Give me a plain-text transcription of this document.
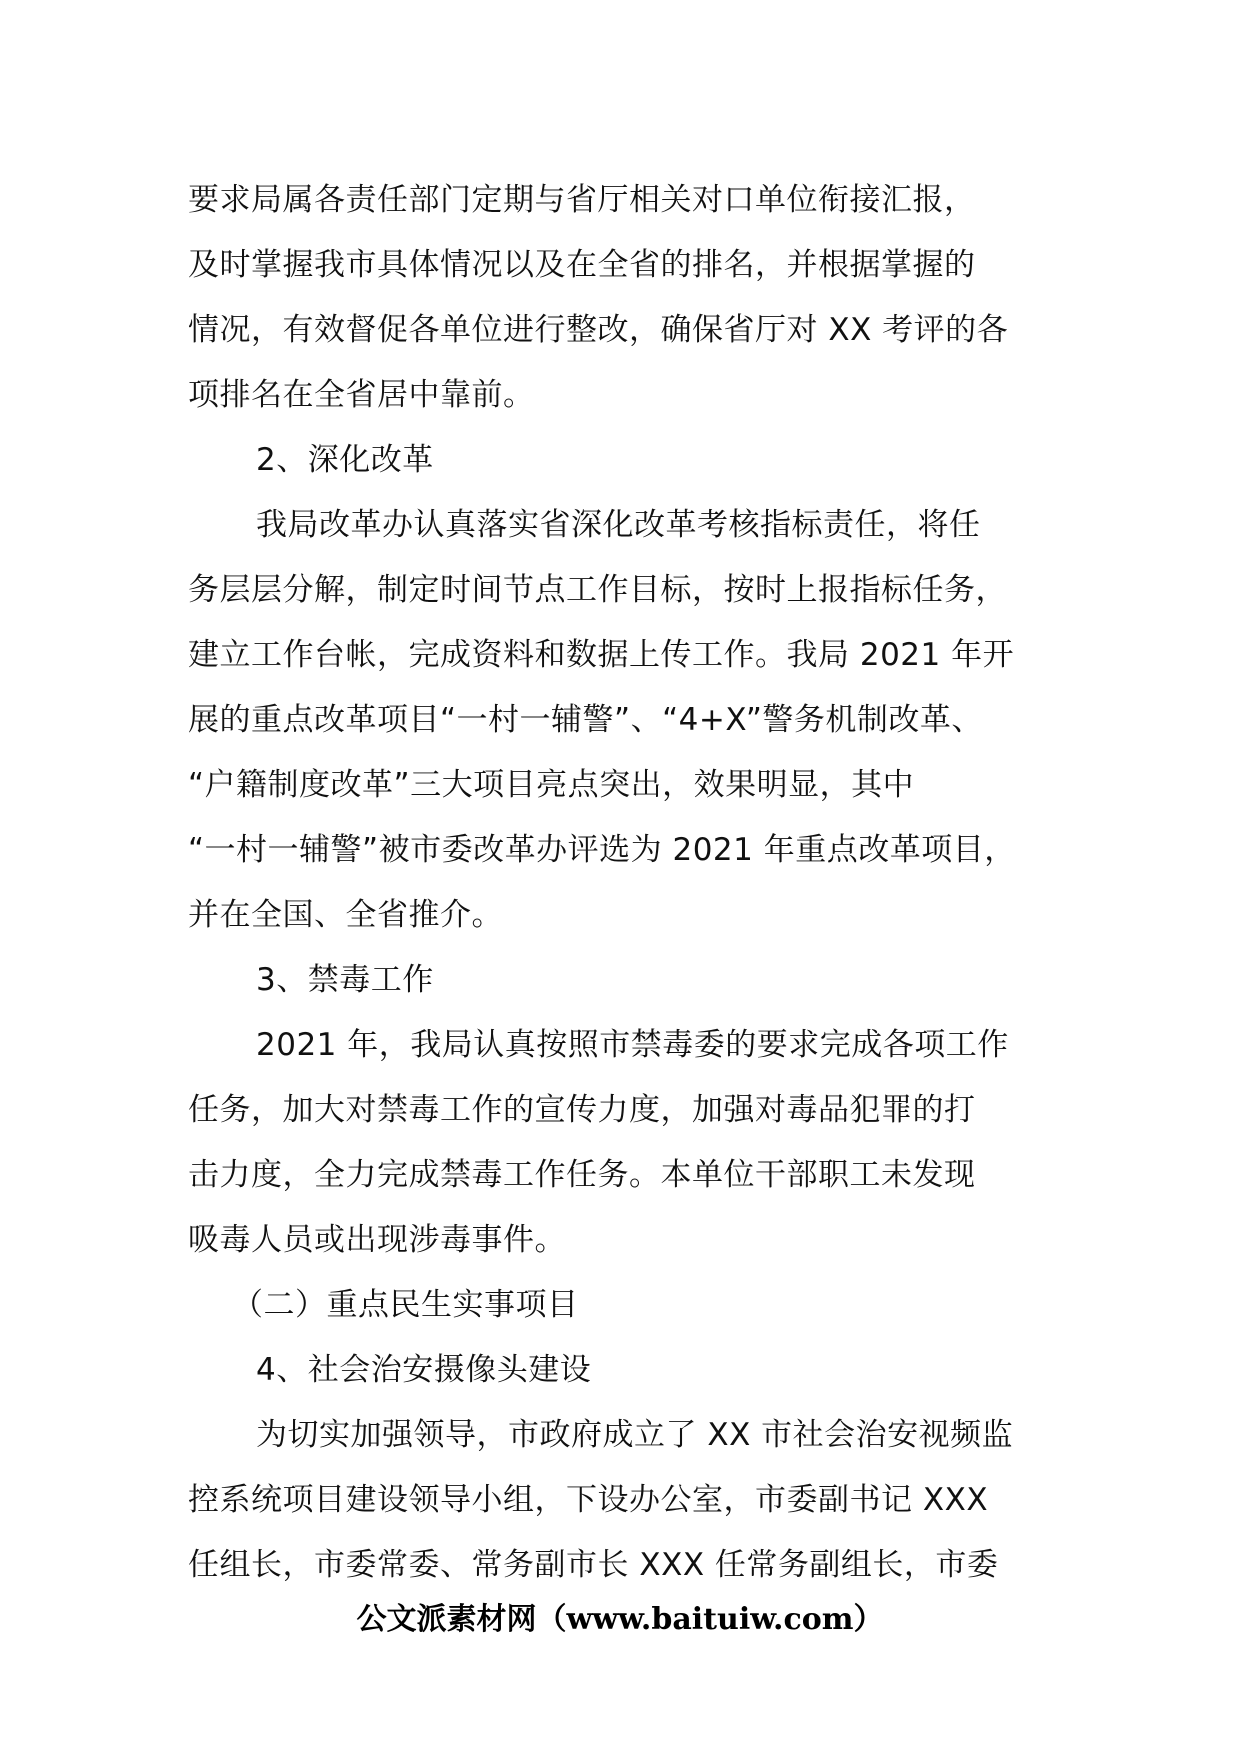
要求局属各责任部门定期与省厅相关对口单位衔接汇报，
及时掌握我市具体情况以及在全省的排名，并根据掌握的
情况，有效督促各单位进行整改，确保省厅对 XX 考评的各
项排名在全省居中靠前。
2、深化改革
我局改革办认真落实省深化改革考核指标责任，将任
务层层分解，制定时间节点工作目标，按时上报指标任务，
建立工作台帐，完成资料和数据上传工作。我局 2021 年开
展的重点改革项目“一村一辅警”、“4+X”警务机制改革、
“户籍制度改革”三大项目亮点突出，效果明显，其中
“一村一辅警”被市委改革办评选为 2021 年重点改革项目，
并在全国、全省推介。
3、禁毒工作
2021 年，我局认真按照市禁毒委的要求完成各项工作
任务，加大对禁毒工作的宣传力度，加强对毒品犯罪的打
击力度，全力完成禁毒工作任务。本单位干部职工未发现
吸毒人员或出现涉毒事件。
（二）重点民生实事项目
4、社会治安摄像头建设
为切实加强领导，市政府成立了 XX 市社会治安视频监
控系统项目建设领导小组，下设办公室，市委副书记 XXX
任组长，市委常委、常务副市长 XXX 任常务副组长，市委
公文派素材网（www.baituiw.com）
